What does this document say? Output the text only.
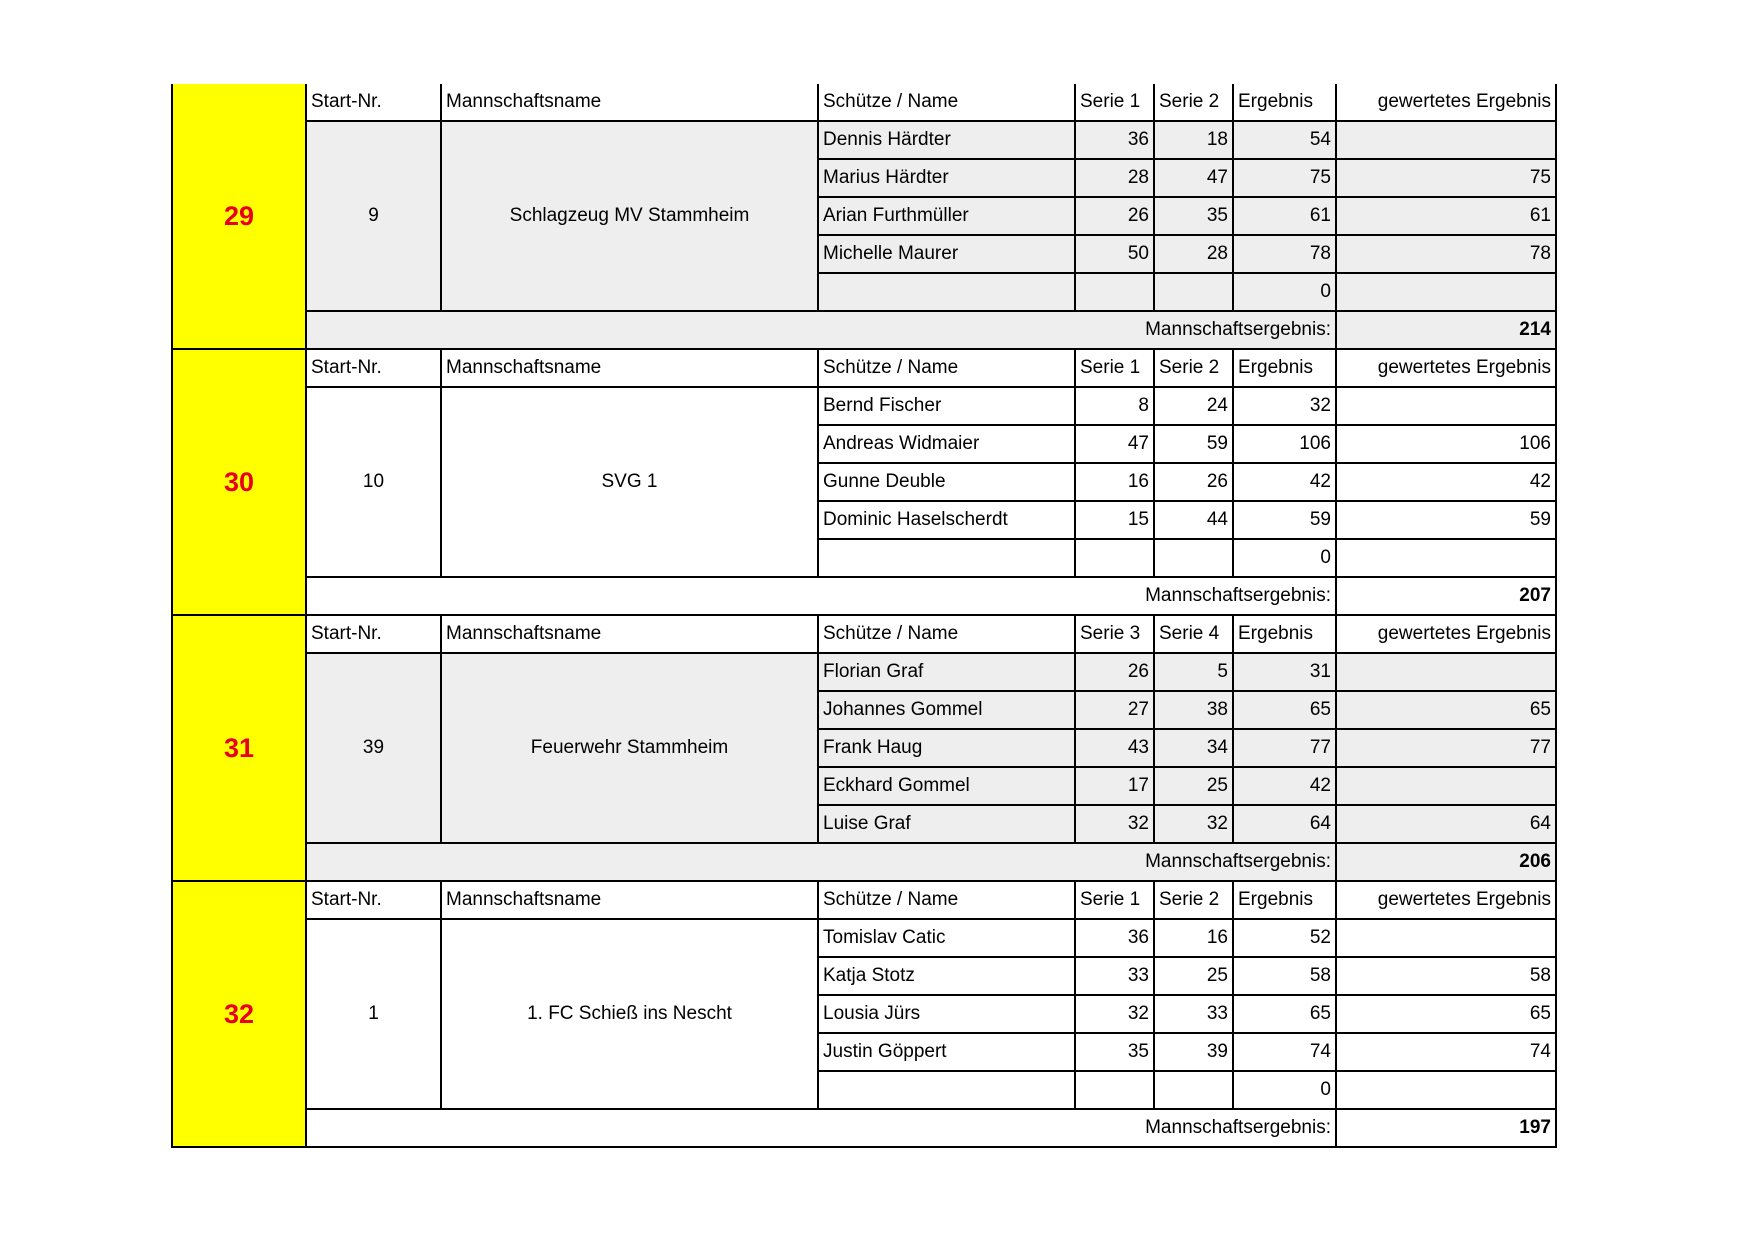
29
Start-Nr.	Mannschaftsname	Schütze / Name	Serie 1	Serie 2	Ergebnis	gewertetes Ergebnis
9	Schlagzeug MV Stammheim	Dennis Härdter	36	18	54	
		Marius Härdter	28	47	75	75
		Arian Furthmüller	26	35	61	61
		Michelle Maurer	50	28	78	78
					0	
Mannschaftsergebnis:						214
30
Start-Nr.	Mannschaftsname	Schütze / Name	Serie 1	Serie 2	Ergebnis	gewertetes Ergebnis
10	SVG 1	Bernd Fischer	8	24	32	
		Andreas Widmaier	47	59	106	106
		Gunne Deuble	16	26	42	42
		Dominic Haselscherdt	15	44	59	59
					0	
Mannschaftsergebnis:						207
31
Start-Nr.	Mannschaftsname	Schütze / Name	Serie 3	Serie 4	Ergebnis	gewertetes Ergebnis
39	Feuerwehr Stammheim	Florian Graf	26	5	31	
		Johannes Gommel	27	38	65	65
		Frank Haug	43	34	77	77
		Eckhard Gommel	17	25	42	
		Luise Graf	32	32	64	64
Mannschaftsergebnis:						206
32
Start-Nr.	Mannschaftsname	Schütze / Name	Serie 1	Serie 2	Ergebnis	gewertetes Ergebnis
1	1. FC Schieß ins Nescht	Tomislav Catic	36	16	52	
		Katja Stotz	33	25	58	58
		Lousia Jürs	32	33	65	65
		Justin Göppert	35	39	74	74
					0	
Mannschaftsergebnis:						197
